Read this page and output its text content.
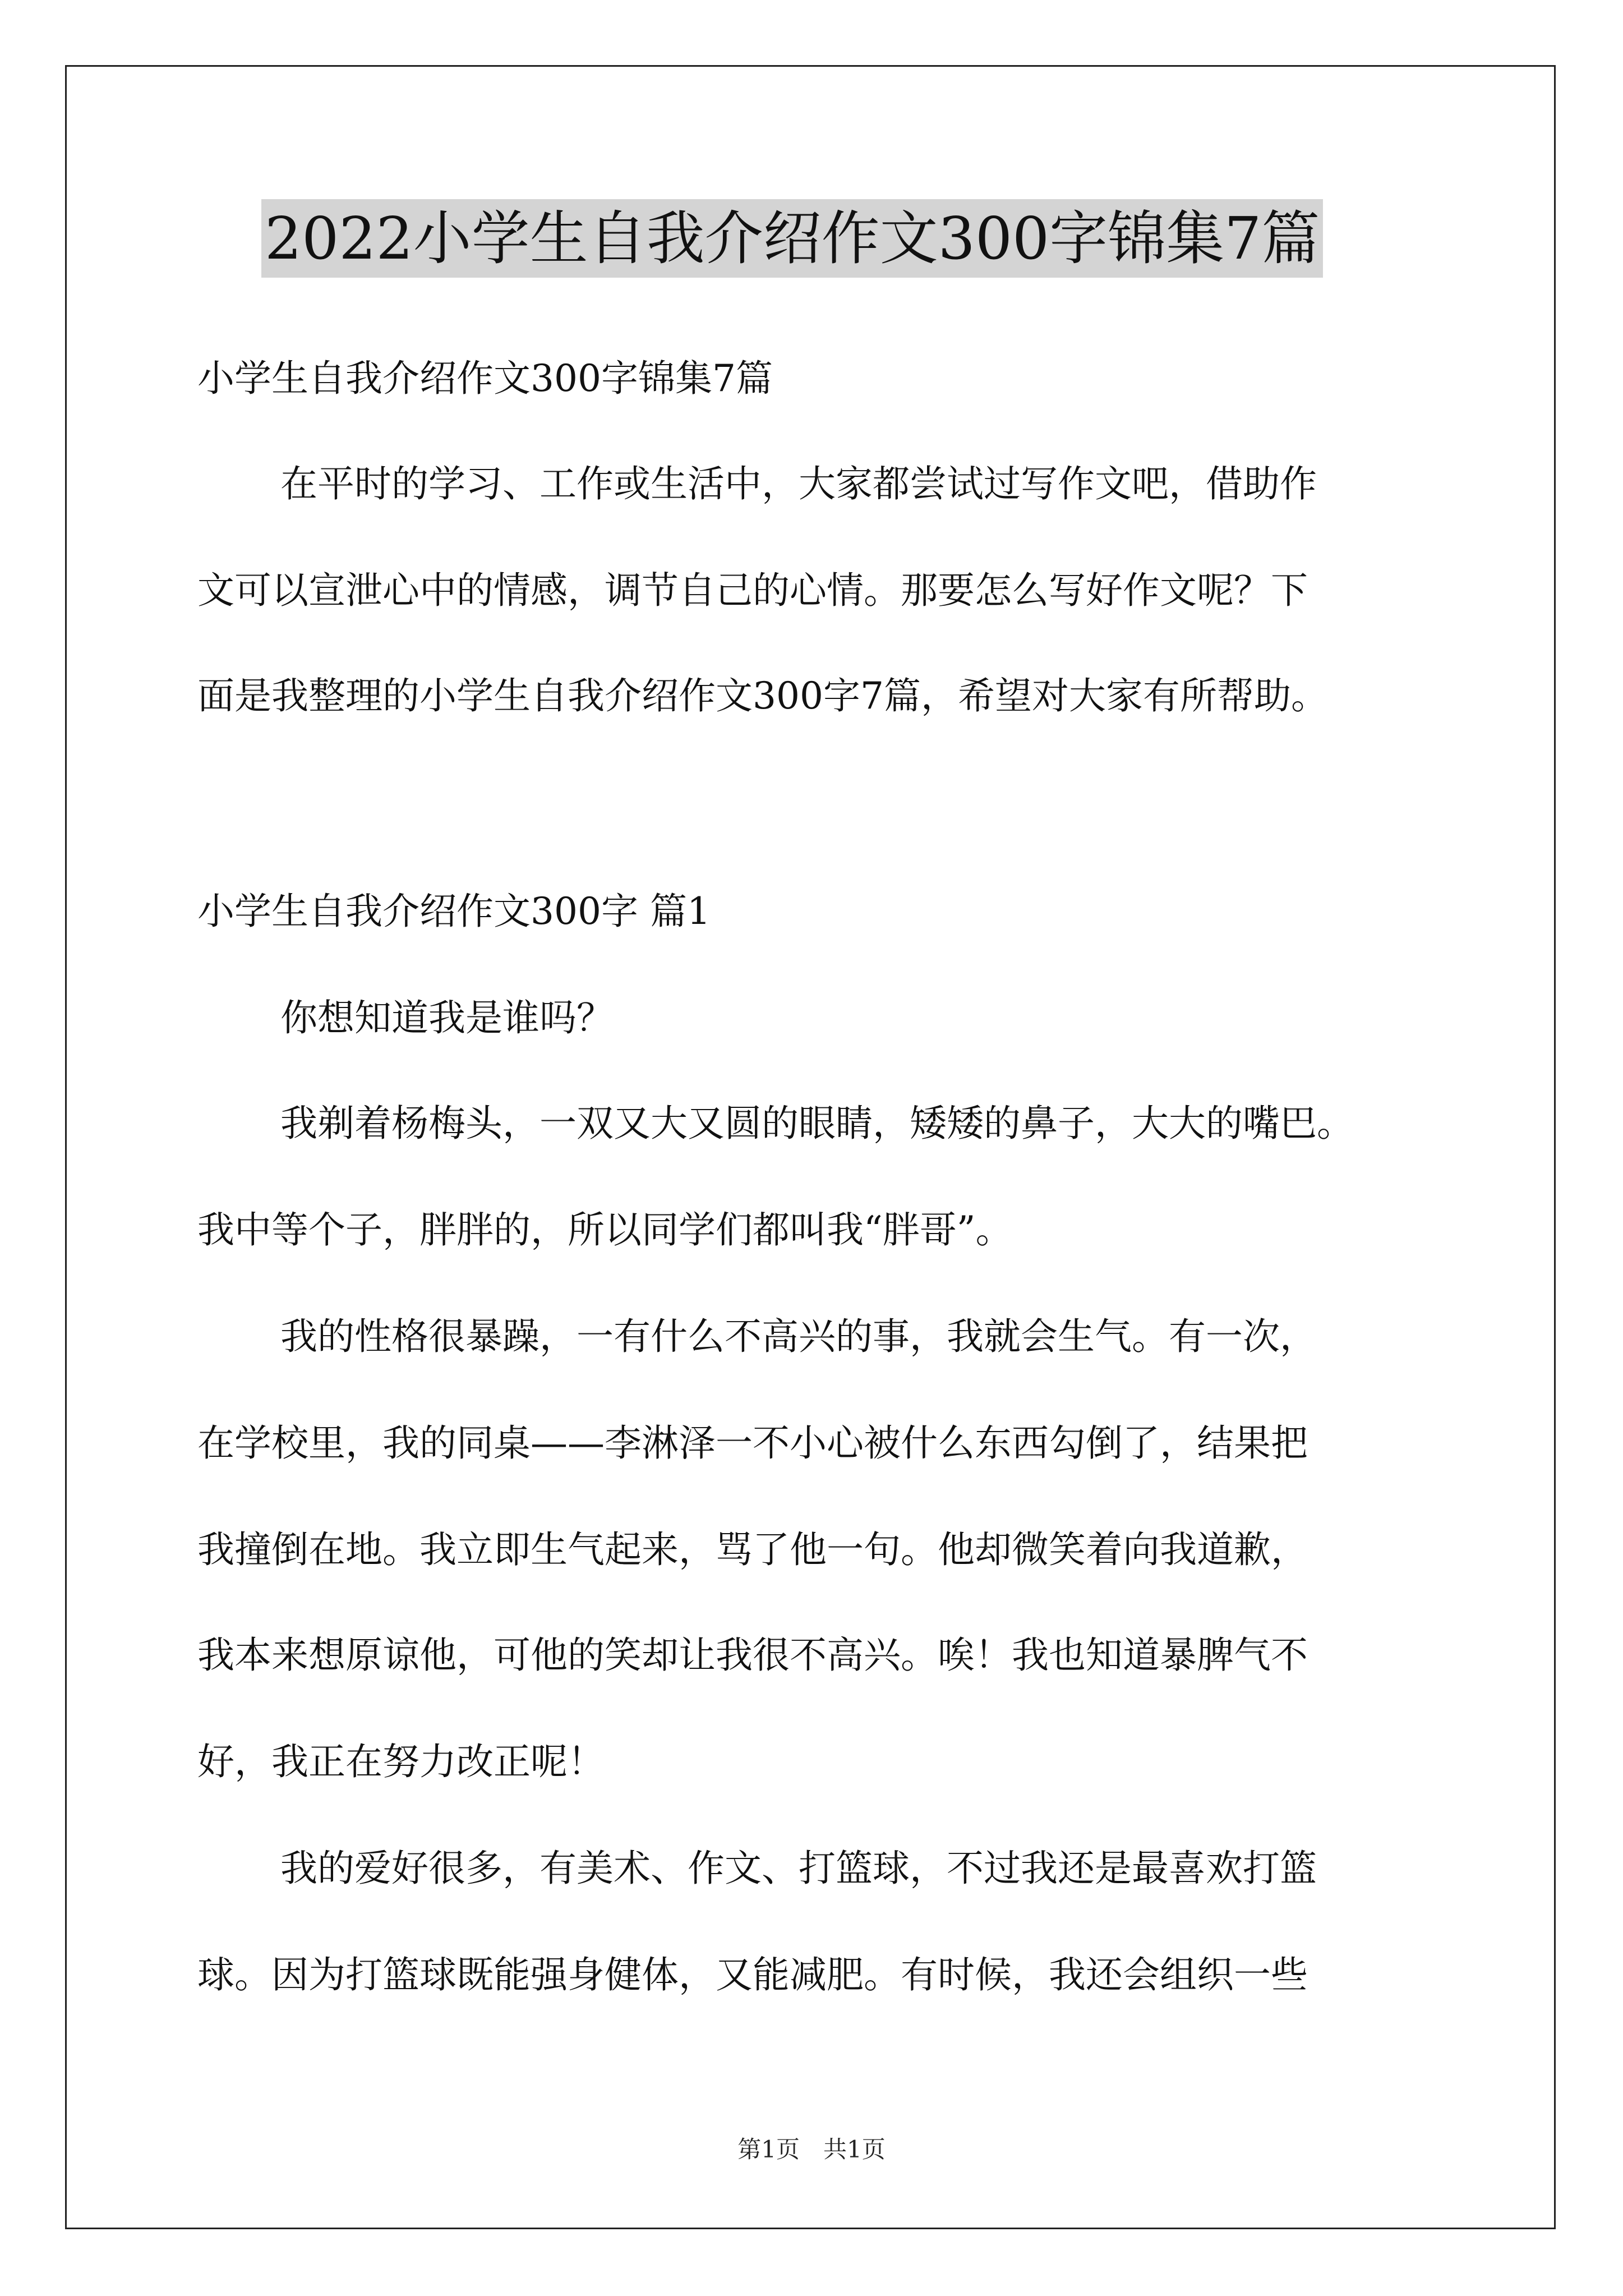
2022小学生自我介绍作文300字锦集7篇
小学生自我介绍作文300字锦集7篇
在平时的学习、工作或生活中，大家都尝试过写作文吧，借助作
文可以宣泄心中的情感，调节自己的心情。那要怎么写好作文呢？下
面是我整理的小学生自我介绍作文300字7篇，希望对大家有所帮助。
小学生自我介绍作文300字 篇1
你想知道我是谁吗？
我剃着杨梅头，一双又大又圆的眼睛，矮矮的鼻子，大大的嘴巴。
我中等个子，胖胖的，所以同学们都叫我“胖哥”。
我的性格很暴躁，一有什么不高兴的事，我就会生气。有一次，
在学校里，我的同桌——李淋泽一不小心被什么东西勾倒了，结果把
我撞倒在地。我立即生气起来，骂了他一句。他却微笑着向我道歉，
我本来想原谅他，可他的笑却让我很不高兴。唉！我也知道暴脾气不
好，我正在努力改正呢！
我的爱好很多，有美术、作文、打篮球，不过我还是最喜欢打篮
球。因为打篮球既能强身健体，又能减肥。有时候，我还会组织一些
第1页　共1页
